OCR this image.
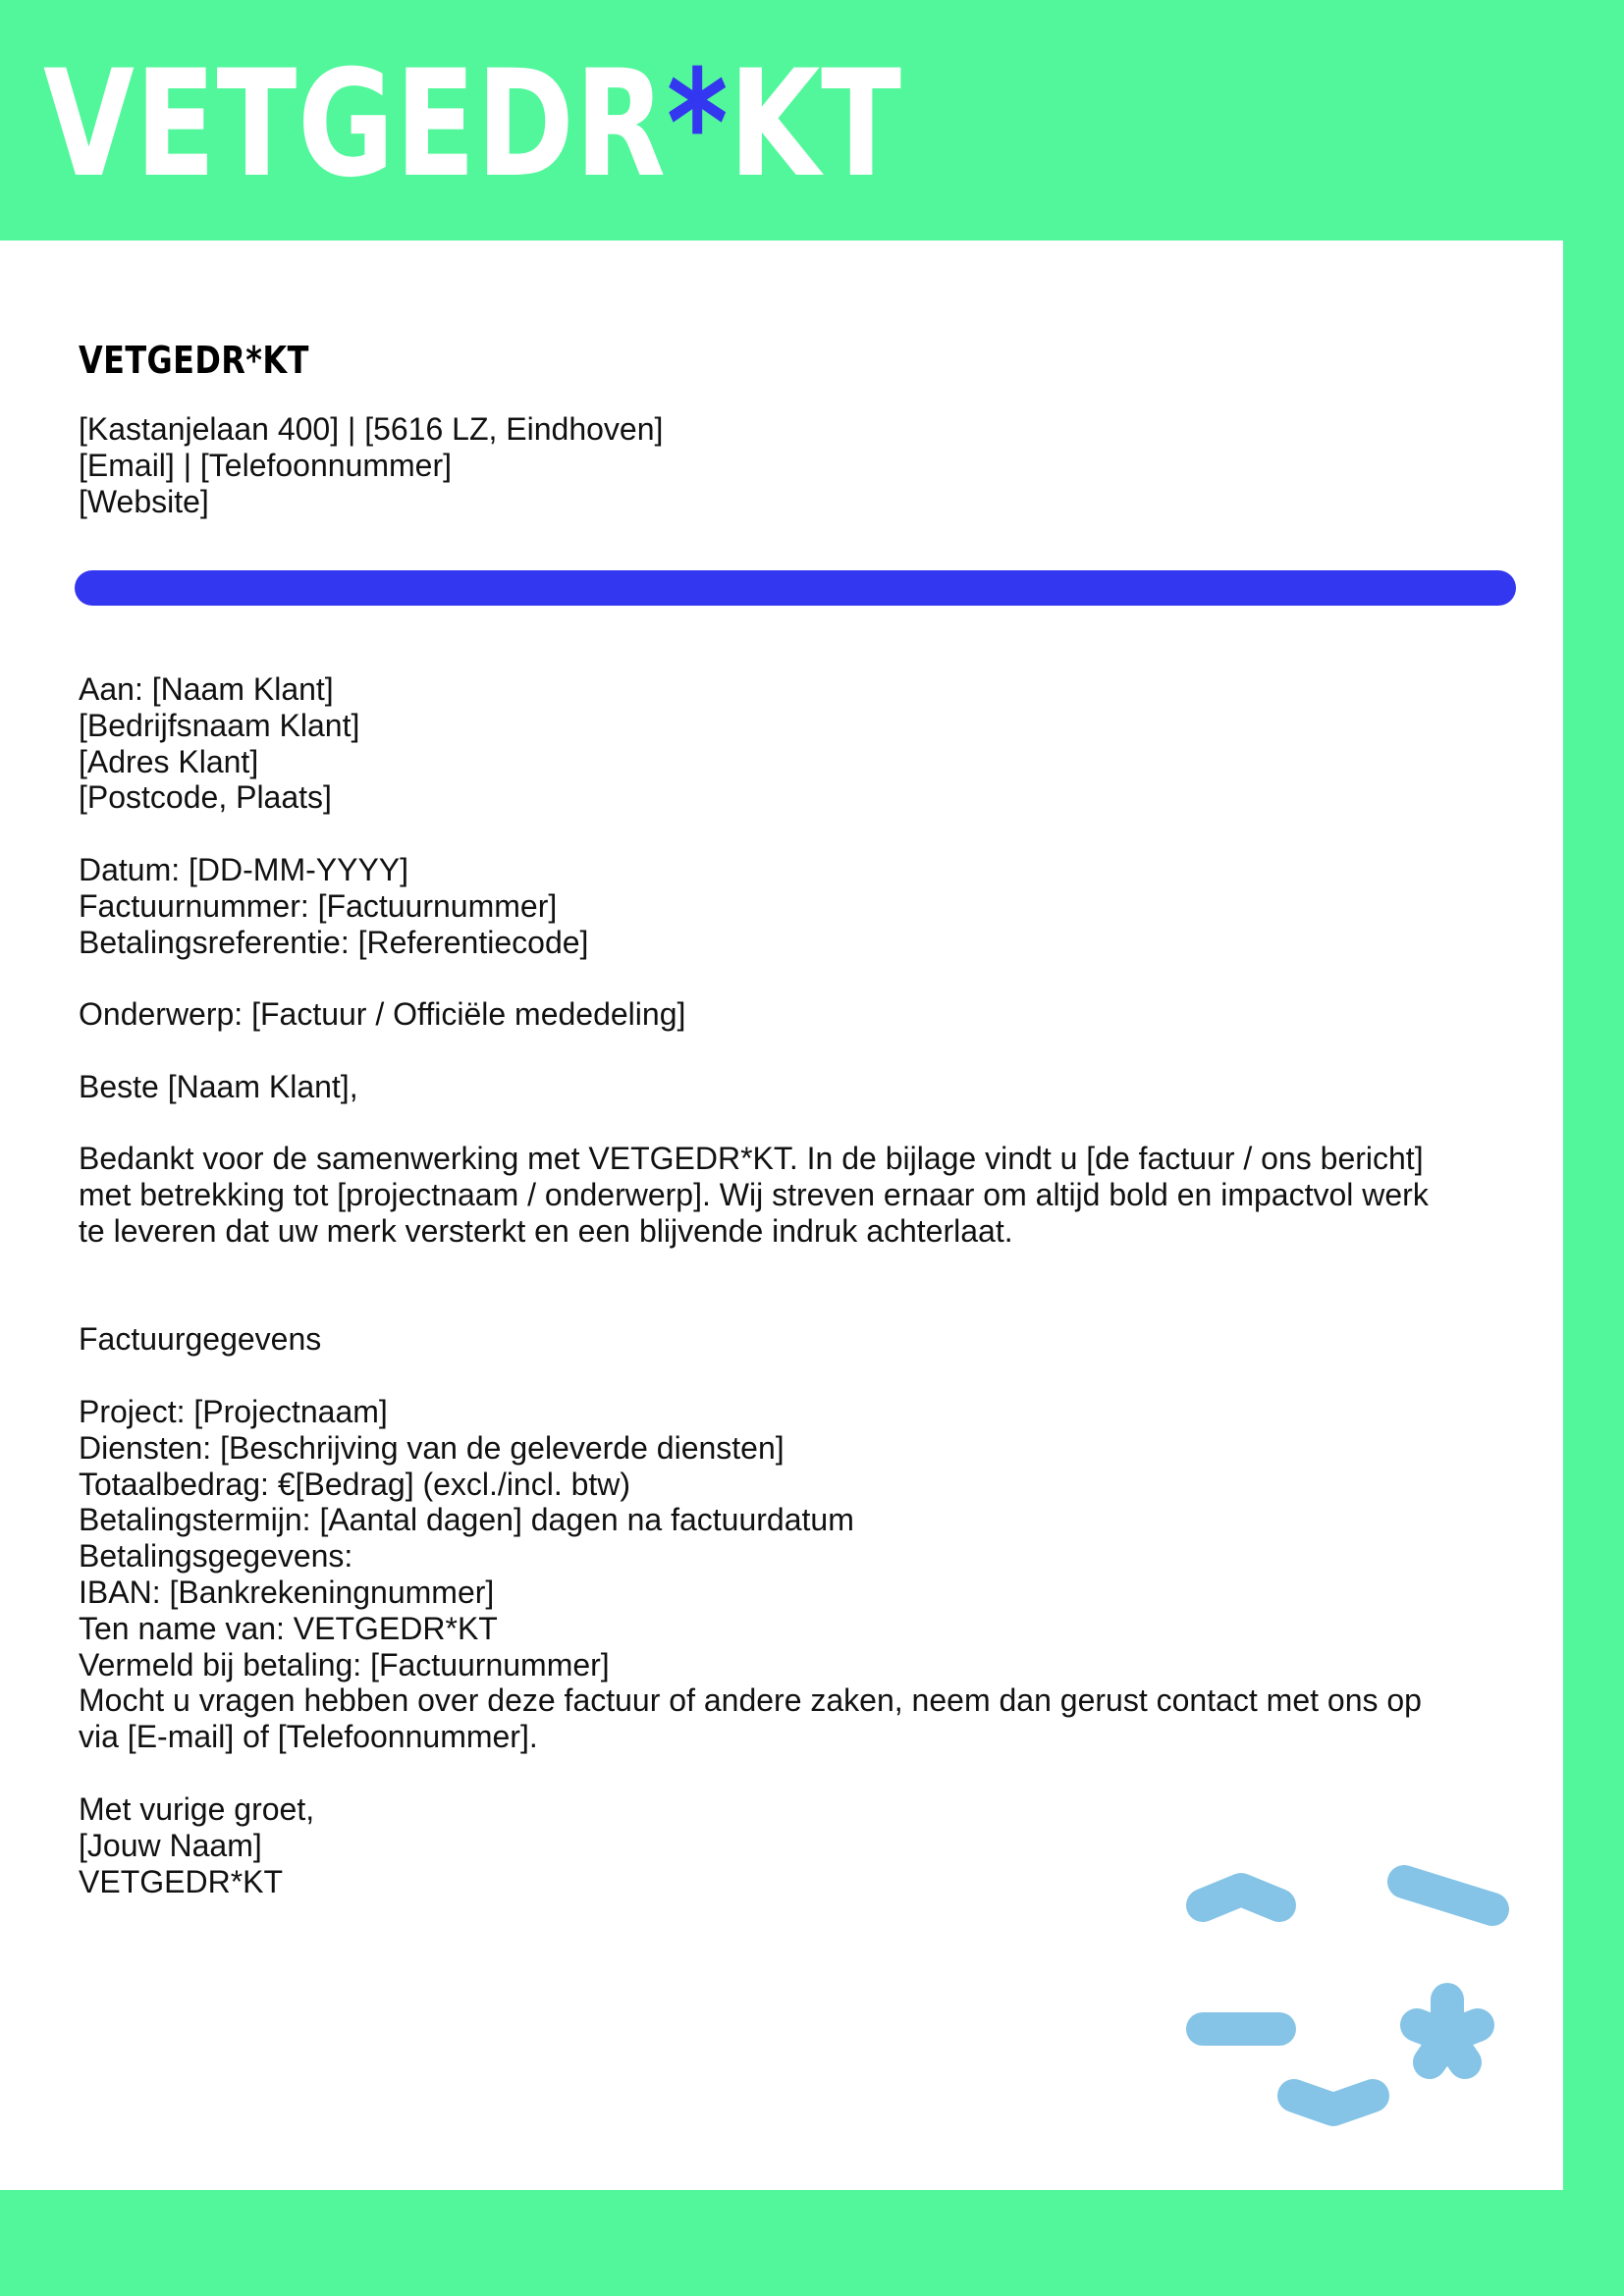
VETGEDR*KT

VETGEDR*KT

[Kastanjelaan 400] | [5616 LZ, Eindhoven]

[Email] | [Telefoonnummer]

[Website]

Aan: [Naam Klant]

[Bedrijfsnaam Klant]

[Adres Klant]

[Postcode, Plaats]

Datum: [DD-MM-YYYY]

Factuurnummer: [Factuurnummer]

Betalingsreferentie: [Referentiecode]

Onderwerp: [Factuur / Officiële mededeling]

Beste [Naam Klant],

Bedankt voor de samenwerking met VETGEDR*KT. In de bijlage vindt u [de factuur / ons bericht]

met betrekking tot [projectnaam / onderwerp]. Wij streven ernaar om altijd bold en impactvol werk

te leveren dat uw merk versterkt en een blijvende indruk achterlaat.

Factuurgegevens

Project: [Projectnaam]

Diensten: [Beschrijving van de geleverde diensten]

Totaalbedrag: €[Bedrag] (excl./incl. btw)

Betalingstermijn: [Aantal dagen] dagen na factuurdatum

Betalingsgegevens:

IBAN: [Bankrekeningnummer]

Ten name van: VETGEDR*KT

Vermeld bij betaling: [Factuurnummer]

Mocht u vragen hebben over deze factuur of andere zaken, neem dan gerust contact met ons op

via [E-mail] of [Telefoonnummer].

Met vurige groet,

[Jouw Naam]

VETGEDR*KT
